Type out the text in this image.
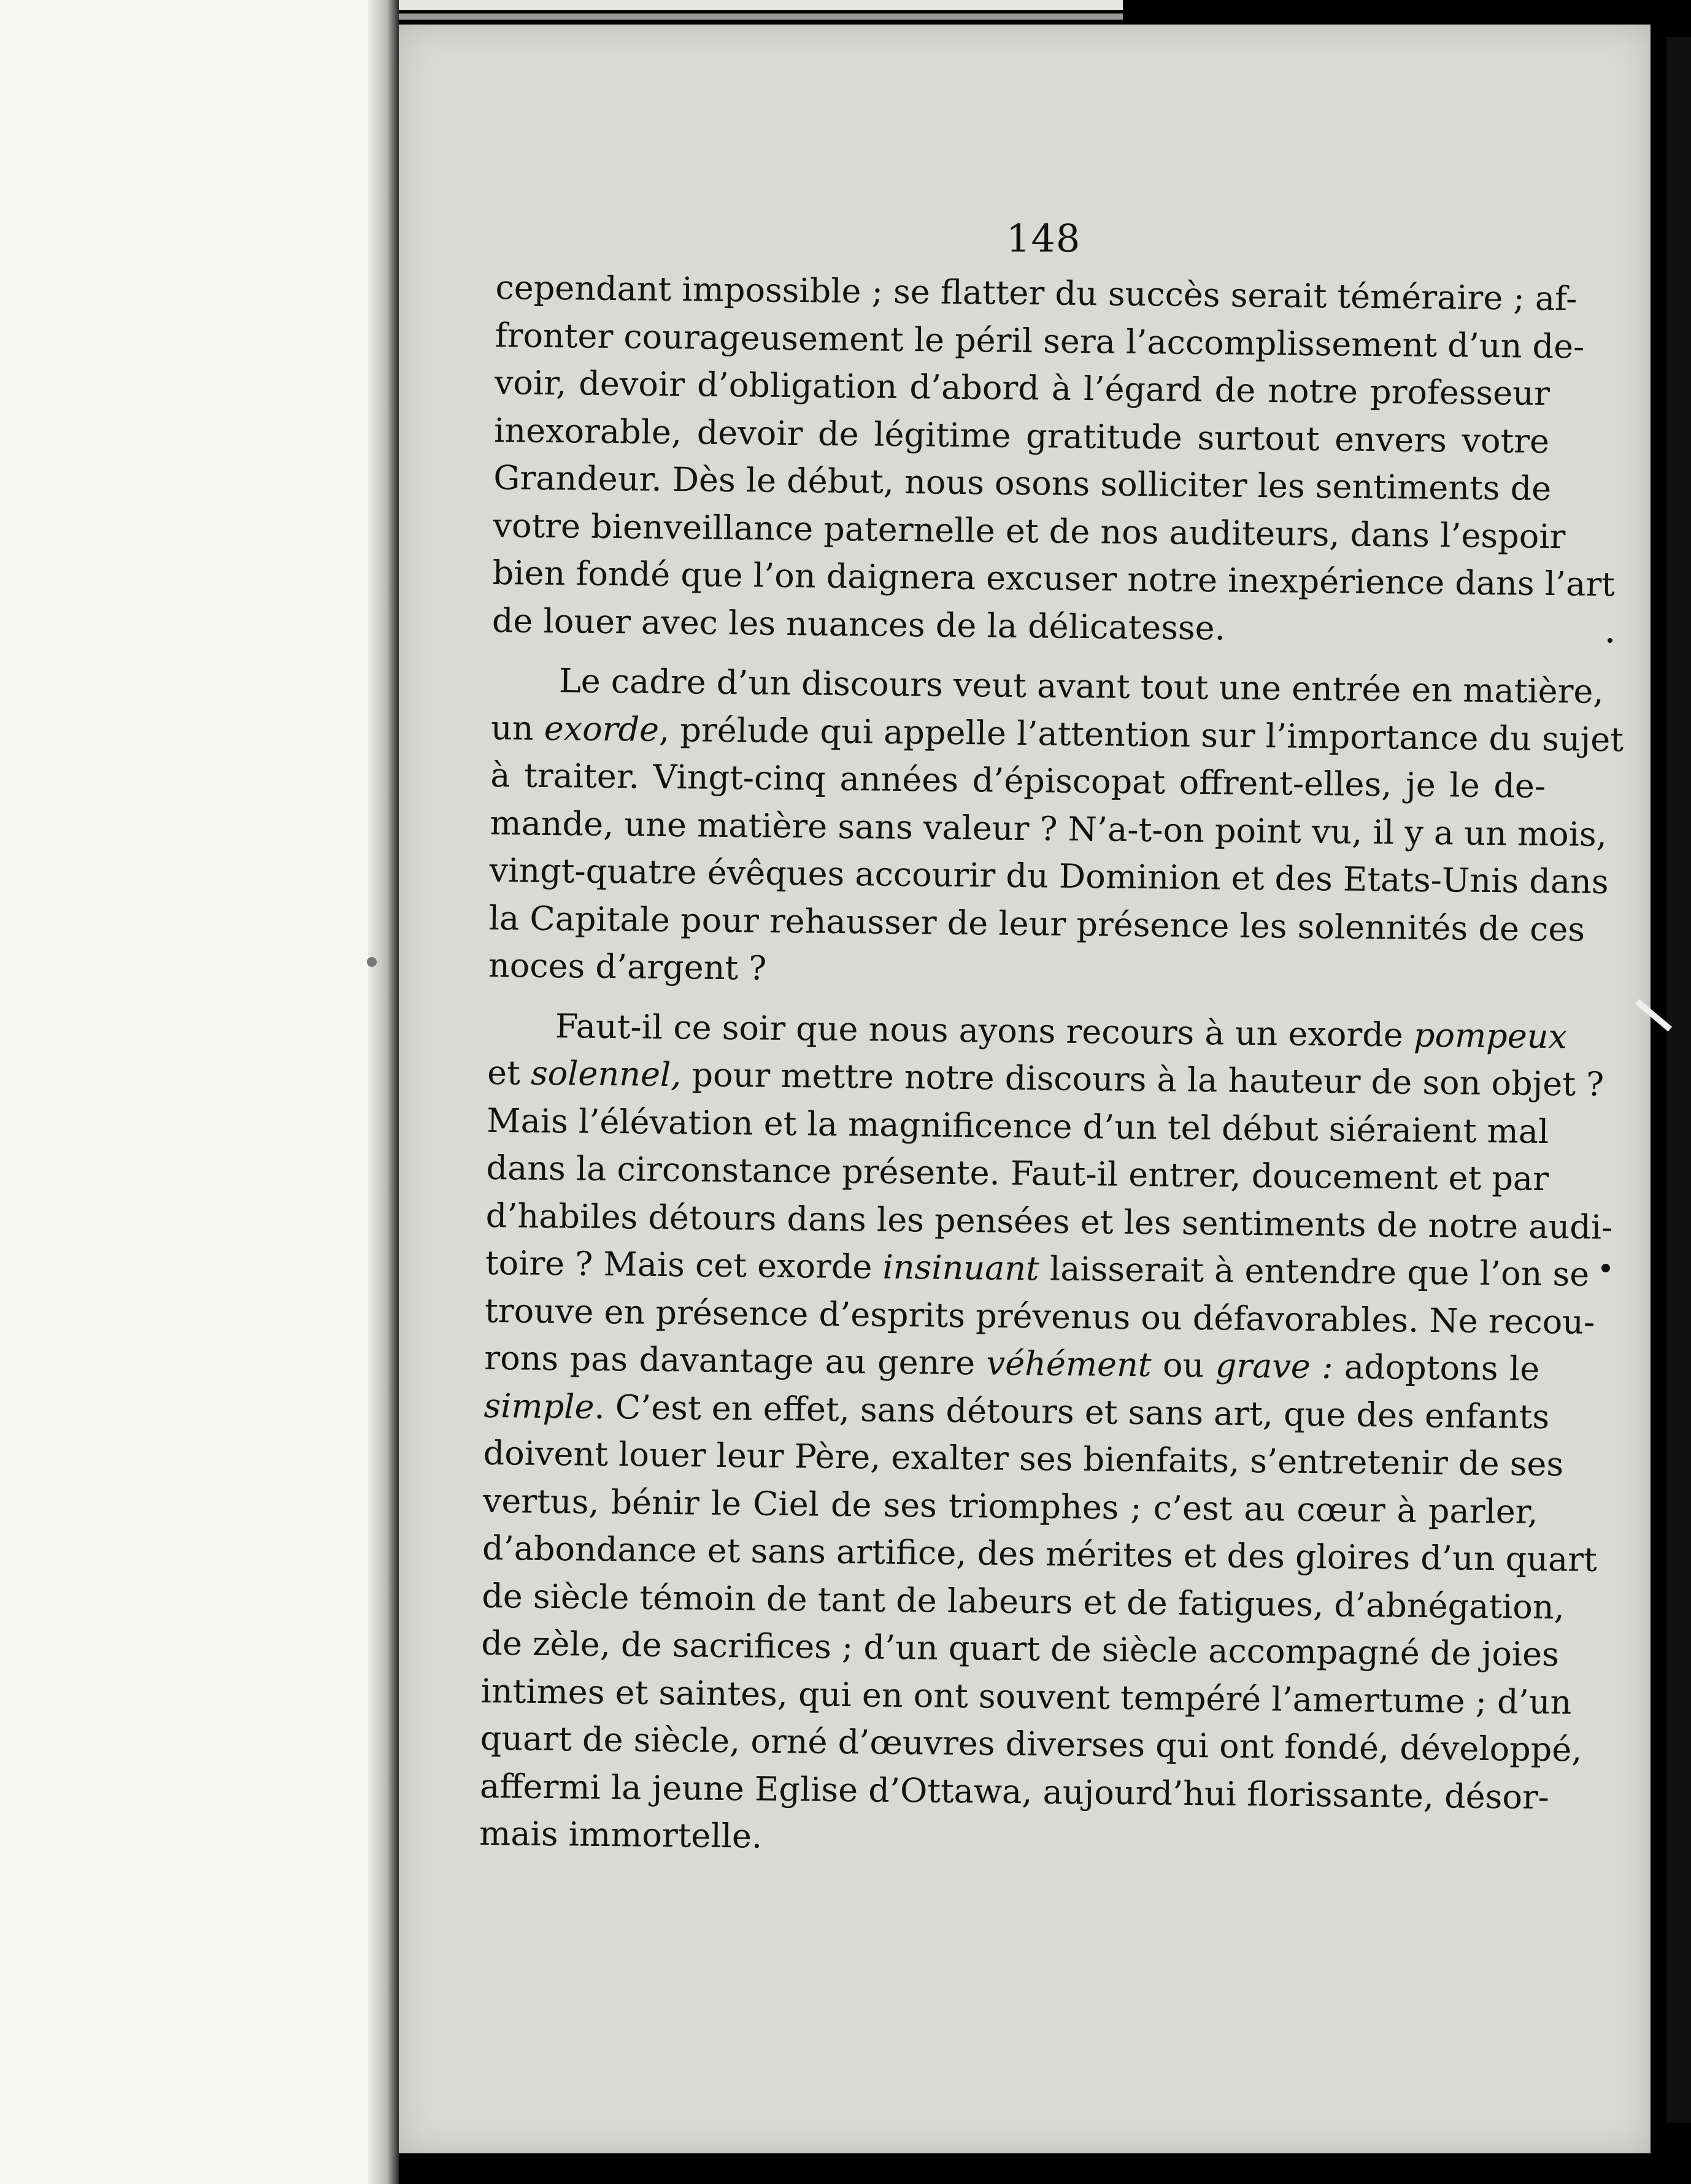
148
cependant impossible ; se flatter du succès serait téméraire ; af-
fronter courageusement le péril sera l’accomplissement d’un de-
voir, devoir d’obligation d’abord à l’égard de notre professeur
inexorable, devoir de légitime gratitude surtout envers votre
Grandeur. Dès le début, nous osons solliciter les sentiments de
votre bienveillance paternelle et de nos auditeurs, dans l’espoir
bien fondé que l’on daignera excuser notre inexpérience dans l’art
de louer avec les nuances de la délicatesse.
Le cadre d’un discours veut avant tout une entrée en matière,
un exorde, prélude qui appelle l’attention sur l’importance du sujet
à traiter. Vingt-cinq années d’épiscopat offrent-elles, je le de-
mande, une matière sans valeur ? N’a-t-on point vu, il y a un mois,
vingt-quatre évêques accourir du Dominion et des Etats-Unis dans
la Capitale pour rehausser de leur présence les solennités de ces
noces d’argent ?
Faut-il ce soir que nous ayons recours à un exorde pompeux
et solennel, pour mettre notre discours à la hauteur de son objet ?
Mais l’élévation et la magnificence d’un tel début siéraient mal
dans la circonstance présente. Faut-il entrer, doucement et par
d’habiles détours dans les pensées et les sentiments de notre audi-
toire ? Mais cet exorde insinuant laisserait à entendre que l’on se
trouve en présence d’esprits prévenus ou défavorables. Ne recou-
rons pas davantage au genre véhément ou grave : adoptons le
simple. C’est en effet, sans détours et sans art, que des enfants
doivent louer leur Père, exalter ses bienfaits, s’entretenir de ses
vertus, bénir le Ciel de ses triomphes ; c’est au cœur à parler,
d’abondance et sans artifice, des mérites et des gloires d’un quart
de siècle témoin de tant de labeurs et de fatigues, d’abnégation,
de zèle, de sacrifices ; d’un quart de siècle accompagné de joies
intimes et saintes, qui en ont souvent tempéré l’amertume ; d’un
quart de siècle, orné d’œuvres diverses qui ont fondé, développé,
affermi la jeune Eglise d’Ottawa, aujourd’hui florissante, désor-
mais immortelle.
